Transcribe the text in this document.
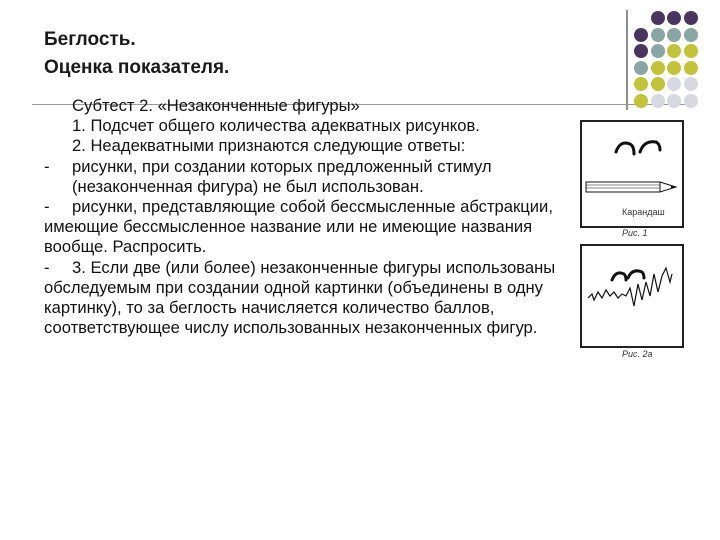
Беглость.
Оценка показателя.

Субтест 2. «Незаконченные фигуры»

1. Подсчет общего количества адекватных рисунков.

2. Неадекватными признаются следующие ответы:

- рисунки, при создании которых предложенный стимул

(незаконченная фигура) не был использован.

- рисунки, представляющие собой бессмысленные абстракции, имеющие бессмысленное название или не имеющие названия вообще. Распросить.

- 3. Если две (или более) незаконченные фигуры использованы обследуемым при создании одной картинки (объединены в одну картинку), то за беглость начисляется количество баллов, соответствующее числу использованных незаконченных фигур.

Карандаш
Рис. 1
Рис. 2а
